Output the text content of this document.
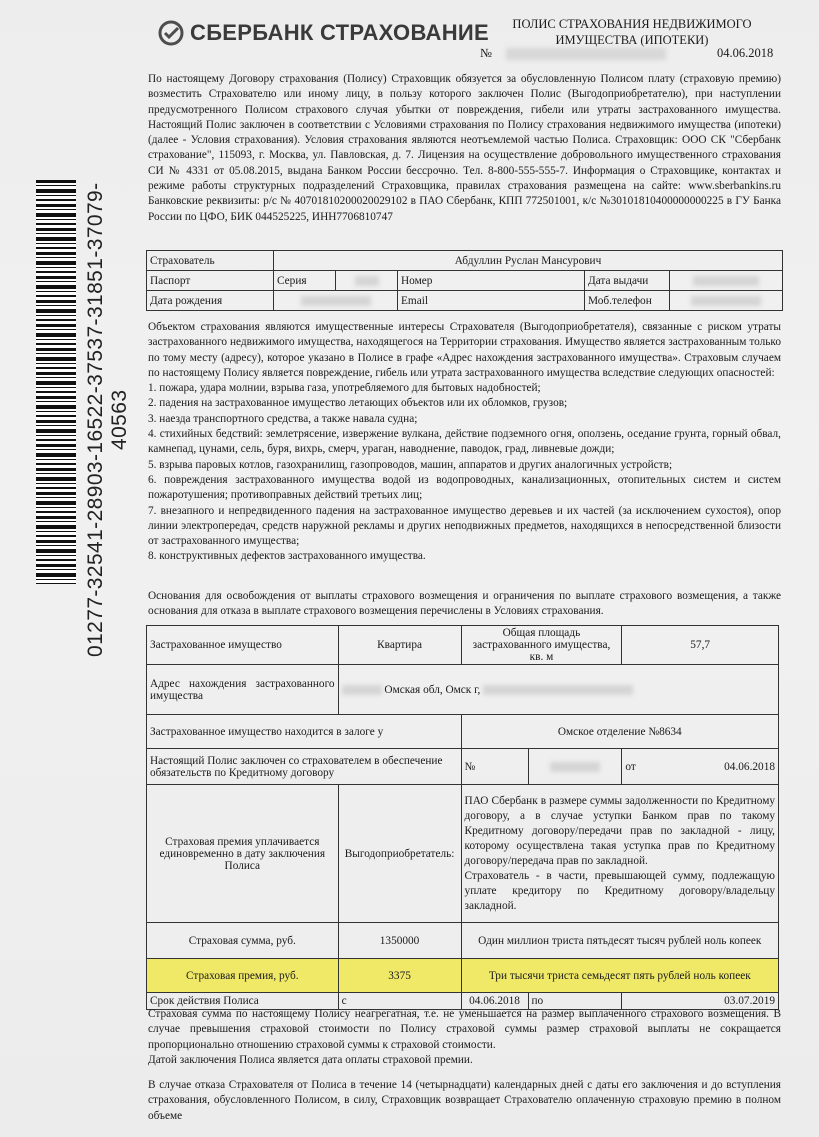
СБЕРБАНК СТРАХОВАНИЕ	ПОЛИС СТРАХОВАНИЯ НЕДВИЖИМОГО ИМУЩЕСТВА (ИПОТЕКИ)
№	04.06.2018
01277-32541-28903-16522-37537-31851-37079-40563
По настоящему Договору страхования (Полису) Страховщик обязуется за обусловленную Полисом плату (страховую премию) возместить Страхователю или иному лицу, в пользу которого заключен Полис (Выгодоприобретателю), при наступлении предусмотренного Полисом страхового случая убытки от повреждения, гибели или утраты застрахованного имущества. Настоящий Полис заключен в соответствии с Условиями страхования по Полису страхования недвижимого имущества (ипотеки) (далее - Условия страхования). Условия страхования являются неотъемлемой частью Полиса. Страховщик: ООО СК "Сбербанк страхование", 115093, г. Москва, ул. Павловская, д. 7. Лицензия на осуществление добровольного имущественного страхования СИ № 4331 от 05.08.2015, выдана Банком России бессрочно. Тел. 8-800-555-555-7. Информация о Страховщике, контактах и режиме работы структурных подразделений Страховщика, правилах страхования размещена на сайте: www.sberbankins.ru Банковские реквизиты: р/с № 40701810200020029102 в ПАО Сбербанк, КПП 772501001, к/с №30101810400000000225 в ГУ Банка России по ЦФО, БИК 044525225, ИНН7706810747
Страхователь	Абдуллин Руслан Мансурович				
Паспорт	Серия		Номер	Дата выдачи	
Дата рождения			Email	Моб.телефон	
Объектом страхования являются имущественные интересы Страхователя (Выгодоприобретателя), связанные с риском утраты застрахованного недвижимого имущества, находящегося на Территории страхования. Имущество является застрахованным только по тому месту (адресу), которое указано в Полисе в графе «Адрес нахождения застрахованного имущества». Страховым случаем по настоящему Полису является повреждение, гибель или утрата застрахованного имущества вследствие следующих опасностей:
1. пожара, удара молнии, взрыва газа, употребляемого для бытовых надобностей;
2. падения на застрахованное имущество летающих объектов или их обломков, грузов;
3. наезда транспортного средства, а также навала судна;
4. стихийных бедствий: землетрясение, извержение вулкана, действие подземного огня, оползень, оседание грунта, горный обвал, камнепад, цунами, сель, буря, вихрь, смерч, ураган, наводнение, паводок, град, ливневые дожди;
5. взрыва паровых котлов, газохранилищ, газопроводов, машин, аппаратов и других аналогичных устройств;
6. повреждения застрахованного имущества водой из водопроводных, канализационных, отопительных систем и систем пожаротушения; противоправных действий третьих лиц;
7. внезапного и непредвиденного падения на застрахованное имущество деревьев и их частей (за исключением сухостоя), опор линии электропередач, средств наружной рекламы и других неподвижных предметов, находящихся в непосредственной близости от застрахованного имущества;
8. конструктивных дефектов застрахованного имущества.
Основания для освобождения от выплаты страхового возмещения и ограничения по выплате страхового возмещения, а также основания для отказа в выплате страхового возмещения перечислены в Условиях страхования.
Застрахованное имущество	Квартира	Общая площадь застрахованного имущества, кв. м		57,7
Адрес нахождения застрахованного имущества	Омская обл, Омск г,			
Застрахованное имущество находится в залоге у		Омское отделение №8634		
Настоящий Полис заключен со страхователем в обеспечение обязательств по Кредитному договору		№		от 04.06.2018

Страховая премия уплачивается единовременно в дату заключения Полиса	Выгодоприобретатель:	ПАО Сбербанк в размере суммы задолженности по Кредитному договору, а в случае уступки Банком прав по такому Кредитному договору/передачи прав по закладной - лицу, которому осуществлена такая уступка прав по Кредитному договору/передача прав по закладной.
Страхователь - в части, превышающей сумму, подлежащую уплате кредитору по Кредитному договору/владельцу закладной.		

Страховая сумма, руб.	1350000	Один миллион триста пятьдесят тысяч рублей ноль копеек		
Страховая премия, руб.	3375	Три тысячи триста семьдесят пять рублей ноль копеек		
Срок действия Полиса	с	04.06.2018	по	03.07.2019

Страховая сумма по настоящему Полису неагрегатная, т.е. не уменьшается на размер выплаченного страхового возмещения. В случае превышения страховой стоимости по Полису страховой суммы размер страховой выплаты не сокращается пропорционально отношению страховой суммы к страховой стоимости.

Датой заключения Полиса является дата оплаты страховой премии.

В случае отказа Страхователя от Полиса в течение 14 (четырнадцати) календарных дней с даты его заключения и до вступления страхования, обусловленного Полисом, в силу, Страховщик возвращает Страхователю оплаченную страховую премию в полном объеме
